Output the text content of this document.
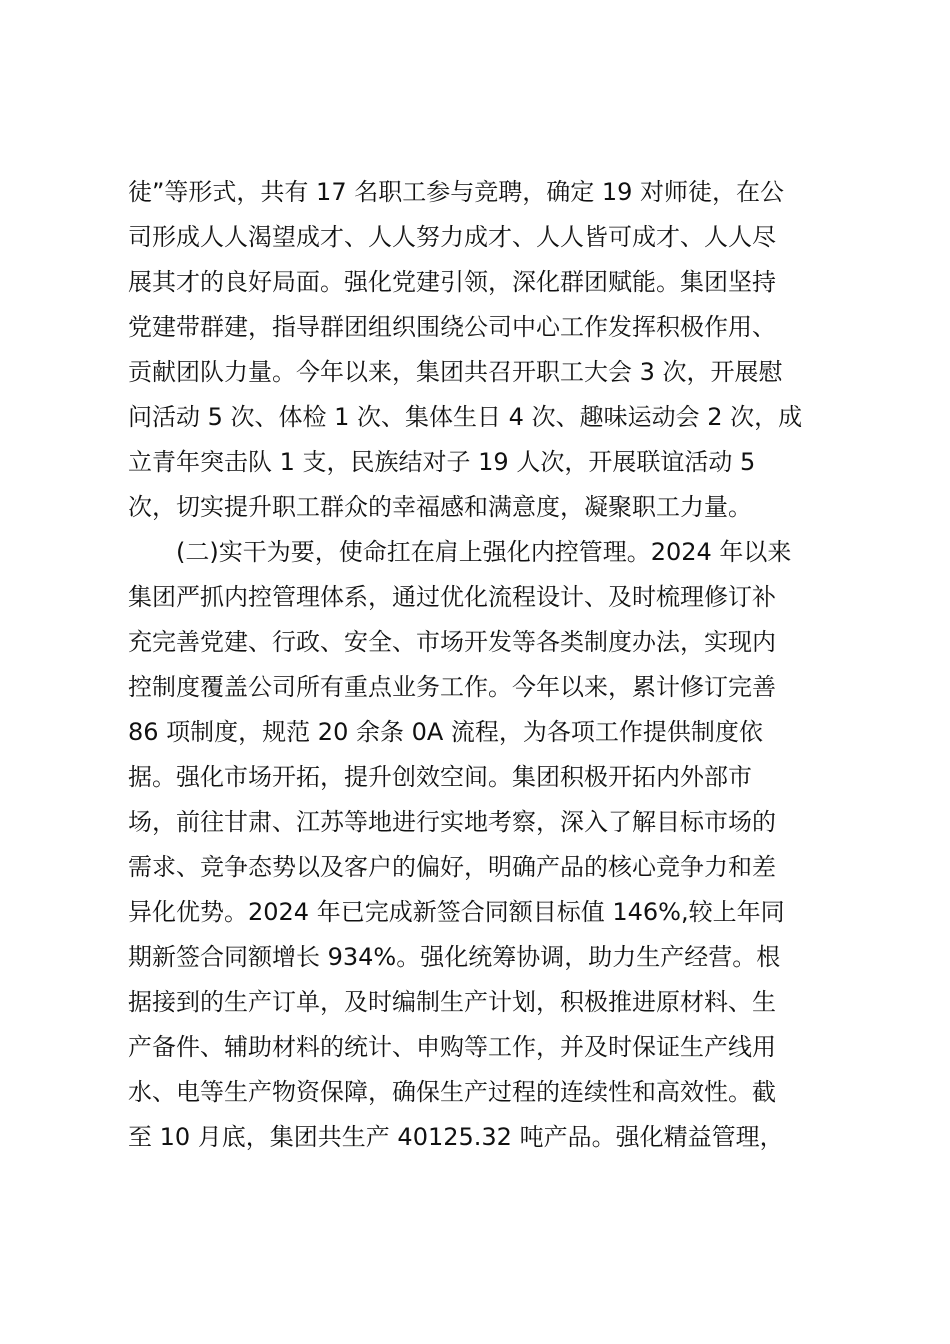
徒”等形式，共有 17 名职工参与竞聘，确定 19 对师徒，在公
司形成人人渴望成才、人人努力成才、人人皆可成才、人人尽
展其才的良好局面。强化党建引领，深化群团赋能。集团坚持
党建带群建，指导群团组织围绕公司中心工作发挥积极作用、
贡献团队力量。今年以来，集团共召开职工大会 3 次，开展慰
问活动 5 次、体检 1 次、集体生日 4 次、趣味运动会 2 次，成
立青年突击队 1 支，民族结对子 19 人次，开展联谊活动 5
次，切实提升职工群众的幸福感和满意度，凝聚职工力量。
(二)实干为要，使命扛在肩上强化内控管理。2024 年以来
集团严抓内控管理体系，通过优化流程设计、及时梳理修订补
充完善党建、行政、安全、市场开发等各类制度办法，实现内
控制度覆盖公司所有重点业务工作。今年以来，累计修订完善
86 项制度，规范 20 余条 0A 流程，为各项工作提供制度依
据。强化市场开拓，提升创效空间。集团积极开拓内外部市
场，前往甘肃、江苏等地进行实地考察，深入了解目标市场的
需求、竞争态势以及客户的偏好，明确产品的核心竞争力和差
异化优势。2024 年已完成新签合同额目标值 146%,较上年同
期新签合同额增长 934%。强化统筹协调，助力生产经营。根
据接到的生产订单，及时编制生产计划，积极推进原材料、生
产备件、辅助材料的统计、申购等工作，并及时保证生产线用
水、电等生产物资保障，确保生产过程的连续性和高效性。截
至 10 月底，集团共生产 40125.32 吨产品。强化精益管理，
